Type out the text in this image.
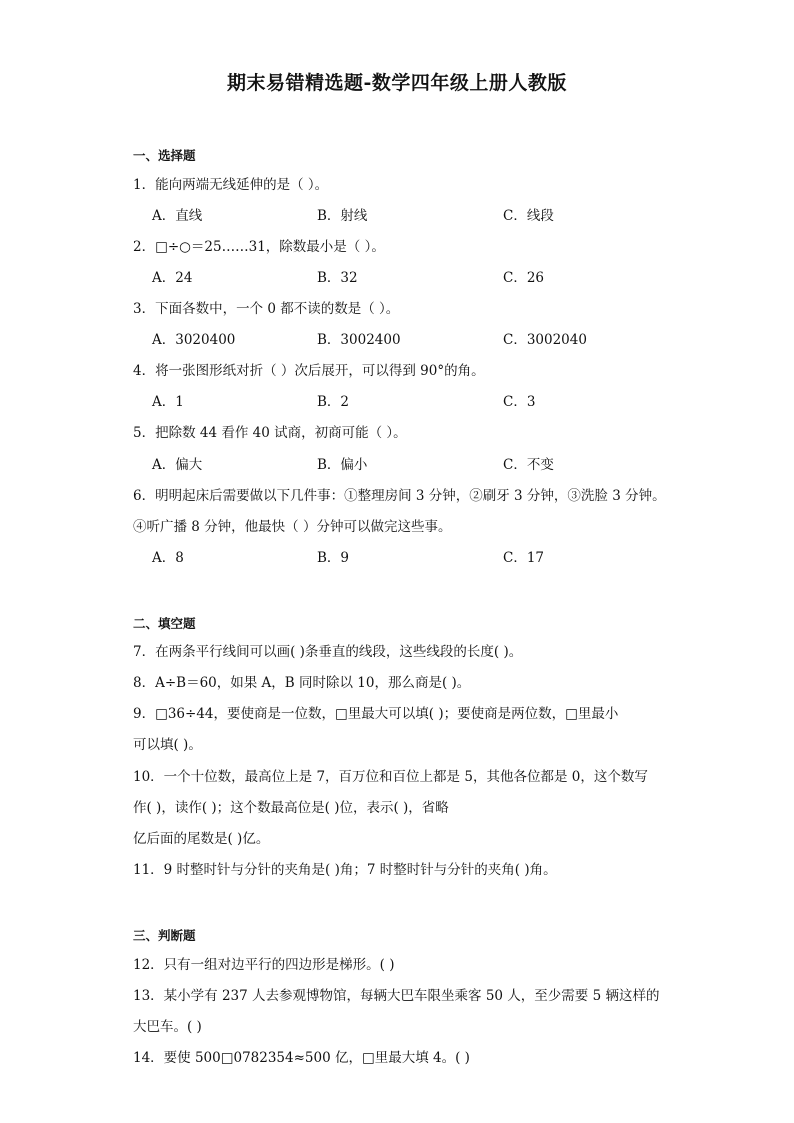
期末易错精选题-数学四年级上册人教版
一、选择题
1．能向两端无线延伸的是（ ）。
A．直线	B．射线	C．线段
2．□÷○＝25……31，除数最小是（ ）。
A．24	B．32	C．26
3．下面各数中，一个 0 都不读的数是（ ）。
A．3020400	B．3002400	C．3002040
4．将一张图形纸对折（ ）次后展开，可以得到 90°的角。
A．1	B．2	C．3
5．把除数 44 看作 40 试商，初商可能（ ）。
A．偏大	B．偏小	C．不变
6．明明起床后需要做以下几件事：①整理房间 3 分钟，②刷牙 3 分钟，③洗脸 3 分钟。
④听广播 8 分钟，他最快（ ）分钟可以做完这些事。
A．8	B．9	C．17
二、填空题
7．在两条平行线间可以画( )条垂直的线段，这些线段的长度( )。
8．A÷B＝60，如果 A，B 同时除以 10，那么商是( )。
9．□36÷44，要使商是一位数，□里最大可以填( )；要使商是两位数，□里最小
可以填( )。
10．一个十位数，最高位上是 7，百万位和百位上都是 5，其他各位都是 0，这个数写
作( )，读作( )；这个数最高位是( )位，表示( )，省略
亿后面的尾数是( )亿。
11．9 时整时针与分针的夹角是( )角；7 时整时针与分针的夹角( )角。
三、判断题
12．只有一组对边平行的四边形是梯形。( )
13．某小学有 237 人去参观博物馆，每辆大巴车限坐乘客 50 人，至少需要 5 辆这样的
大巴车。( )
14．要使 500□0782354≈500 亿，□里最大填 4。( )
